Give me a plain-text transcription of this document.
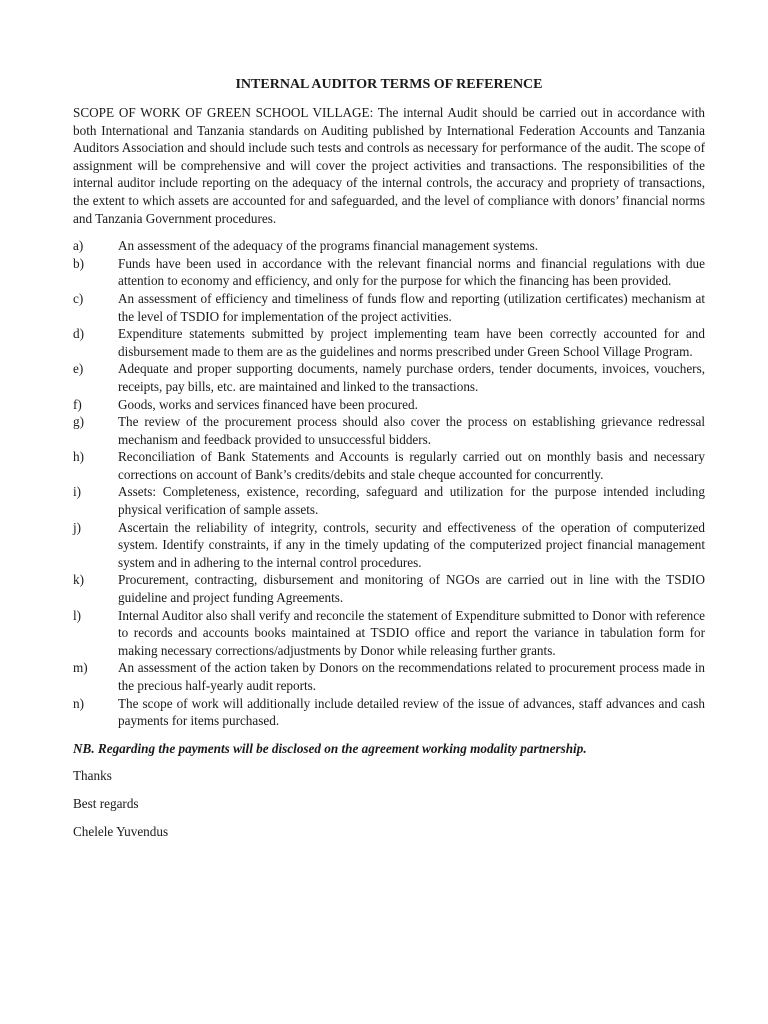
INTERNAL AUDITOR TERMS OF REFERENCE

SCOPE OF WORK OF GREEN SCHOOL VILLAGE: The internal Audit should be carried out in accordance with both International and Tanzania standards on Auditing published by International Federation Accounts and Tanzania Auditors Association and should include such tests and controls as necessary for performance of the audit. The scope of assignment will be comprehensive and will cover the project activities and transactions. The responsibilities of the internal auditor include reporting on the adequacy of the internal controls, the accuracy and propriety of transactions, the extent to which assets are accounted for and safeguarded, and the level of compliance with donors’ financial norms and Tanzania Government procedures.

a)	An assessment of the adequacy of the programs financial management systems.
b)	Funds have been used in accordance with the relevant financial norms and financial regulations with due attention to economy and efficiency, and only for the purpose for which the financing has been provided.
c)	An assessment of efficiency and timeliness of funds flow and reporting (utilization certificates) mechanism at the level of TSDIO for implementation of the project activities.
d)	Expenditure statements submitted by project implementing team have been correctly accounted for and disbursement made to them are as the guidelines and norms prescribed under Green School Village Program.
e)	Adequate and proper supporting documents, namely purchase orders, tender documents, invoices, vouchers, receipts, pay bills, etc. are maintained and linked to the transactions.
f)	Goods, works and services financed have been procured.
g)	The review of the procurement process should also cover the process on establishing grievance redressal mechanism and feedback provided to unsuccessful bidders.
h)	Reconciliation of Bank Statements and Accounts is regularly carried out on monthly basis and necessary corrections on account of Bank’s credits/debits and stale cheque accounted for concurrently.
i)	Assets: Completeness, existence, recording, safeguard and utilization for the purpose intended including physical verification of sample assets.
j)	Ascertain the reliability of integrity, controls, security and effectiveness of the operation of computerized system. Identify constraints, if any in the timely updating of the computerized project financial management system and in adhering to the internal control procedures.
k)	Procurement, contracting, disbursement and monitoring of NGOs are carried out in line with the TSDIO guideline and project funding Agreements.
l)	Internal Auditor also shall verify and reconcile the statement of Expenditure submitted to Donor with reference to records and accounts books maintained at TSDIO office and report the variance in tabulation form for making necessary corrections/adjustments by Donor while releasing further grants.
m)	An assessment of the action taken by Donors on the recommendations related to procurement process made in the precious half-yearly audit reports.
n)	The scope of work will additionally include detailed review of the issue of advances, staff advances and cash payments for items purchased.

NB. Regarding the payments will be disclosed on the agreement working modality partnership.

Thanks

Best regards

Chelele Yuvendus
